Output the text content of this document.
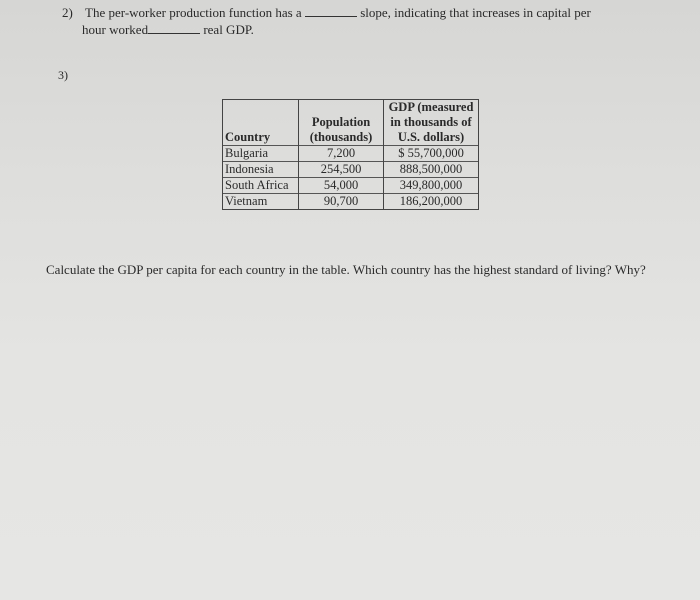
2) The per-worker production function has a	slope, indicating that increases in capital per
hour worked	real GDP.
3)
Country	Population (thousands)	GDP (measured in thousands of U.S. dollars)
Bulgaria	7,200	$ 55,700,000
Indonesia	254,500	888,500,000
South Africa	54,000	349,800,000
Vietnam	90,700	186,200,000
Calculate the GDP per capita for each country in the table. Which country has the highest standard of living? Why?
